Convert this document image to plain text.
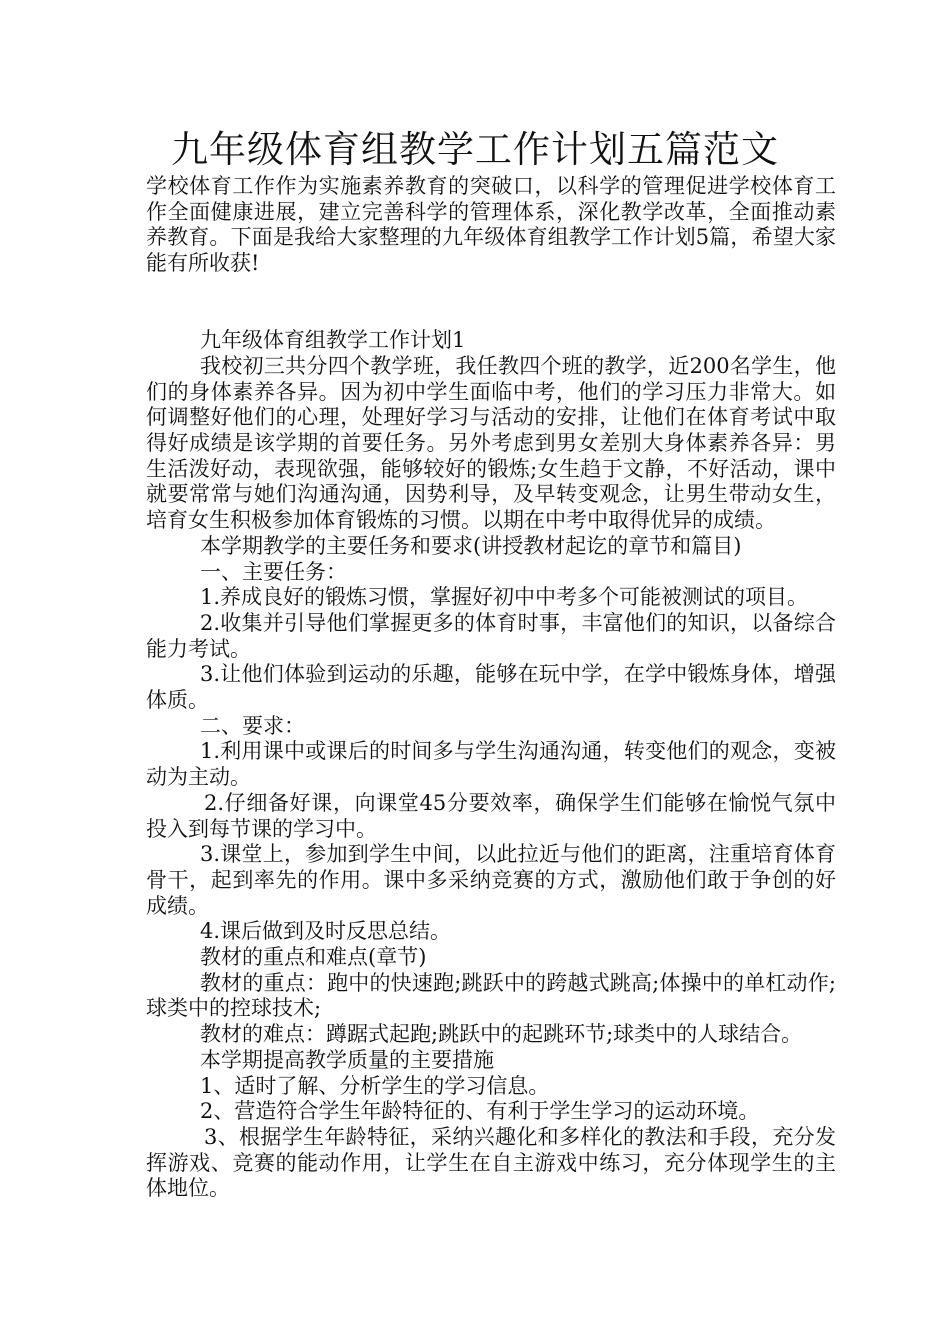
九年级体育组教学工作计划五篇范文

学校体育工作作为实施素养教育的突破口，以科学的管理促进学校体育工作全面健康进展，建立完善科学的管理体系，深化教学改革，全面推动素养教育。下面是我给大家整理的九年级体育组教学工作计划5篇，希望大家能有所收获!

九年级体育组教学工作计划1

我校初三共分四个教学班，我任教四个班的教学，近200名学生，他们的身体素养各异。因为初中学生面临中考，他们的学习压力非常大。如何调整好他们的心理，处理好学习与活动的安排，让他们在体育考试中取得好成绩是该学期的首要任务。另外考虑到男女差别大身体素养各异：男生活泼好动，表现欲强，能够较好的锻炼;女生趋于文静，不好活动，课中就要常常与她们沟通沟通，因势利导，及早转变观念，让男生带动女生，培育女生积极参加体育锻炼的习惯。以期在中考中取得优异的成绩。

本学期教学的主要任务和要求(讲授教材起讫的章节和篇目)

一、主要任务：

1.养成良好的锻炼习惯，掌握好初中中考多个可能被测试的项目。

2.收集并引导他们掌握更多的体育时事，丰富他们的知识，以备综合能力考试。

3.让他们体验到运动的乐趣，能够在玩中学，在学中锻炼身体，增强体质。

二、要求：

1.利用课中或课后的时间多与学生沟通沟通，转变他们的观念，变被动为主动。

2.仔细备好课，向课堂45分要效率，确保学生们能够在愉悦气氛中投入到每节课的学习中。

3.课堂上，参加到学生中间，以此拉近与他们的距离，注重培育体育骨干，起到率先的作用。课中多采纳竞赛的方式，激励他们敢于争创的好成绩。

4.课后做到及时反思总结。

教材的重点和难点(章节)

教材的重点：跑中的快速跑;跳跃中的跨越式跳高;体操中的单杠动作;球类中的控球技术;

教材的难点：蹲踞式起跑;跳跃中的起跳环节;球类中的人球结合。

本学期提高教学质量的主要措施

1、适时了解、分析学生的学习信息。

2、营造符合学生年龄特征的、有利于学生学习的运动环境。

3、根据学生年龄特征，采纳兴趣化和多样化的教法和手段，充分发挥游戏、竞赛的能动作用，让学生在自主游戏中练习，充分体现学生的主体地位。
